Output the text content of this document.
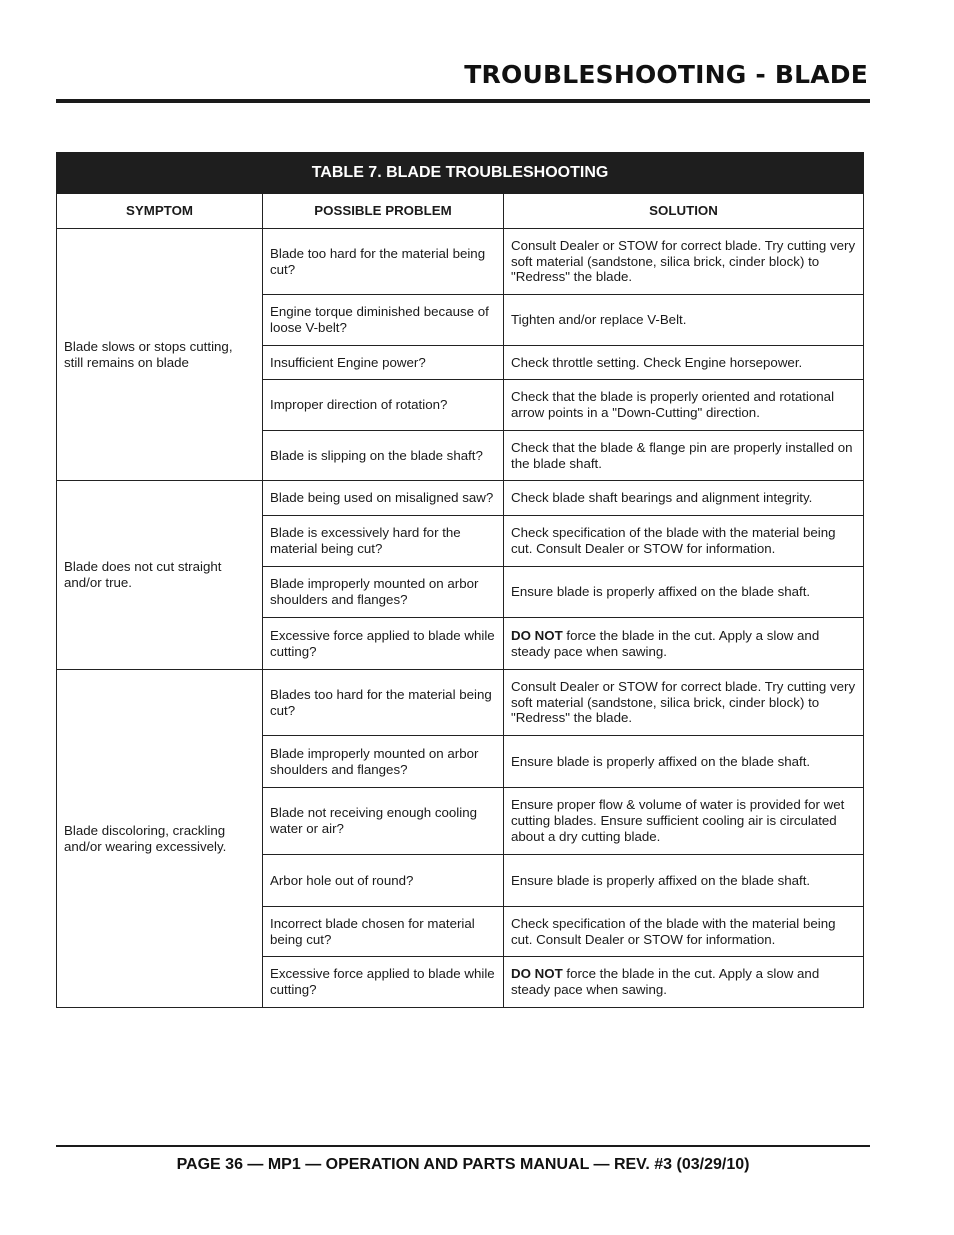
TROUBLESHOOTING - BLADE
TABLE 7. BLADE TROUBLESHOOTING		
SYMPTOM	POSSIBLE PROBLEM	SOLUTION
Blade slows or stops cutting, still remains on blade	Blade too hard for the material being cut?	Consult Dealer or STOW for correct blade. Try cutting very soft material (sandstone, silica brick, cinder block) to "Redress" the blade.
	Engine torque diminished because of loose V-belt?	Tighten and/or replace V-Belt.
	Insufficient Engine power?	Check throttle setting. Check Engine horsepower.
	Improper direction of rotation?	Check that the blade is properly oriented and rotational arrow points in a "Down-Cutting" direction.
	Blade is slipping on the blade shaft?	Check that the blade & flange pin are properly installed on the blade shaft.
Blade does not cut straight and/or true.	Blade being used on misaligned saw?	Check blade shaft bearings and alignment integrity.
	Blade is excessively hard for the material being cut?	Check specification of the blade with the material being cut. Consult Dealer or STOW for information.
	Blade improperly mounted on arbor shoulders and flanges?	Ensure blade is properly affixed on the blade shaft.
	Excessive force applied to blade while cutting?	DO NOT force the blade in the cut. Apply a slow and steady pace when sawing.
Blade discoloring, crackling and/or wearing excessively.	Blades too hard for the material being cut?	Consult Dealer or STOW for correct blade. Try cutting very soft material (sandstone, silica brick, cinder block) to "Redress" the blade.
	Blade improperly mounted on arbor shoulders and flanges?	Ensure blade is properly affixed on the blade shaft.
	Blade not receiving enough cooling water or air?	Ensure proper flow & volume of water is provided for wet cutting blades. Ensure sufficient cooling air is circulated about a dry cutting blade.
	Arbor hole out of round?	Ensure blade is properly affixed on the blade shaft.
	Incorrect blade chosen for material being cut?	Check specification of the blade with the material being cut. Consult Dealer or STOW for information.
	Excessive force applied to blade while cutting?	DO NOT force the blade in the cut. Apply a slow and steady pace when sawing.
PAGE 36 — MP1 — OPERATION AND PARTS MANUAL — REV. #3 (03/29/10)
